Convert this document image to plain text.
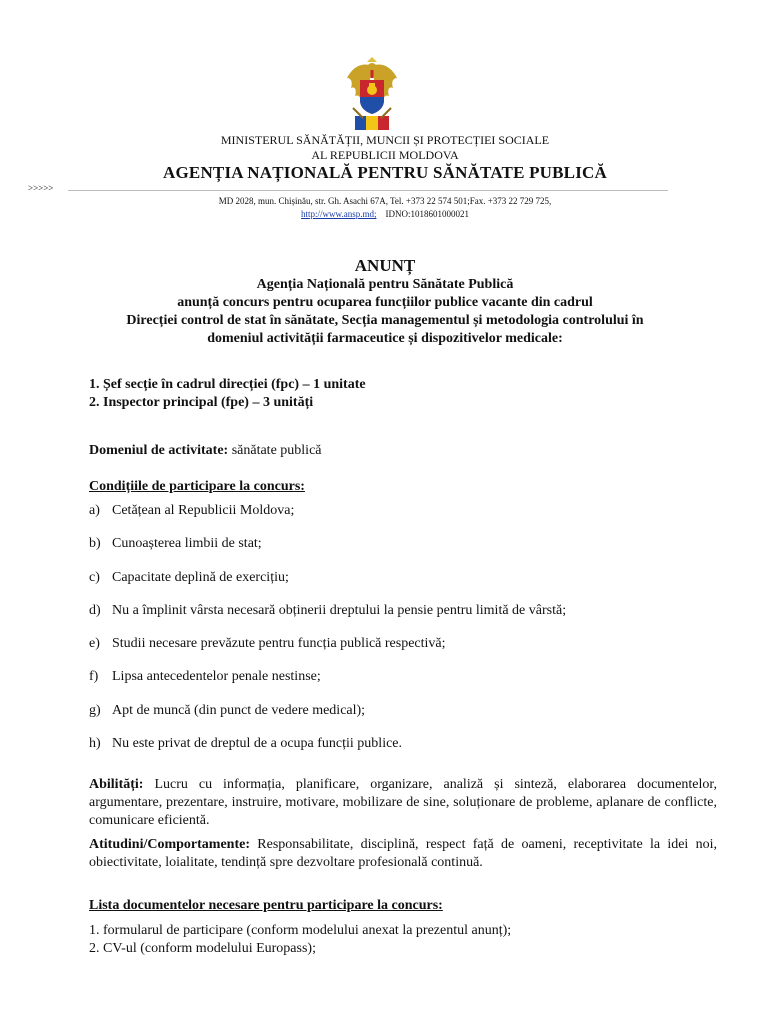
MINISTERUL SĂNĂTĂȚII, MUNCII ȘI PROTECȚIEI SOCIALE
AL REPUBLICII MOLDOVA
AGENȚIA NAȚIONALĂ PENTRU SĂNĂTATE PUBLICĂ
>>>>>
MD 2028, mun. Chișinău, str. Gh. Asachi 67A, Tel. +373 22 574 501;Fax. +373 22 729 725,
http://www.ansp.md; IDNO:1018601000021
ANUNȚ
Agenția Națională pentru Sănătate Publică
anunță concurs pentru ocuparea funcțiilor publice vacante din cadrul
Direcției control de stat în sănătate, Secția managementul și metodologia controlului în
domeniul activității farmaceutice și dispozitivelor medicale:
1. Șef secție în cadrul direcției (fpc) – 1 unitate
2. Inspector principal (fpe) – 3 unități
Domeniul de activitate: sănătate publică
Condițiile de participare la concurs:
a) Cetățean al Republicii Moldova;
b) Cunoașterea limbii de stat;
c) Capacitate deplină de exercițiu;
d) Nu a împlinit vârsta necesară obținerii dreptului la pensie pentru limită de vârstă;
e) Studii necesare prevăzute pentru funcția publică respectivă;
f) Lipsa antecedentelor penale nestinse;
g) Apt de muncă (din punct de vedere medical);
h) Nu este privat de dreptul de a ocupa funcții publice.
Abilități: Lucru cu informația, planificare, organizare, analiză și sinteză, elaborarea documentelor, argumentare, prezentare, instruire, motivare, mobilizare de sine, soluționare de probleme, aplanare de conflicte, comunicare eficientă.
Atitudini/Comportamente: Responsabilitate, disciplină, respect față de oameni, receptivitate la idei noi, obiectivitate, loialitate, tendință spre dezvoltare profesională continuă.
Lista documentelor necesare pentru participare la concurs:
1. formularul de participare (conform modelului anexat la prezentul anunț);
2. CV-ul (conform modelului Europass);
